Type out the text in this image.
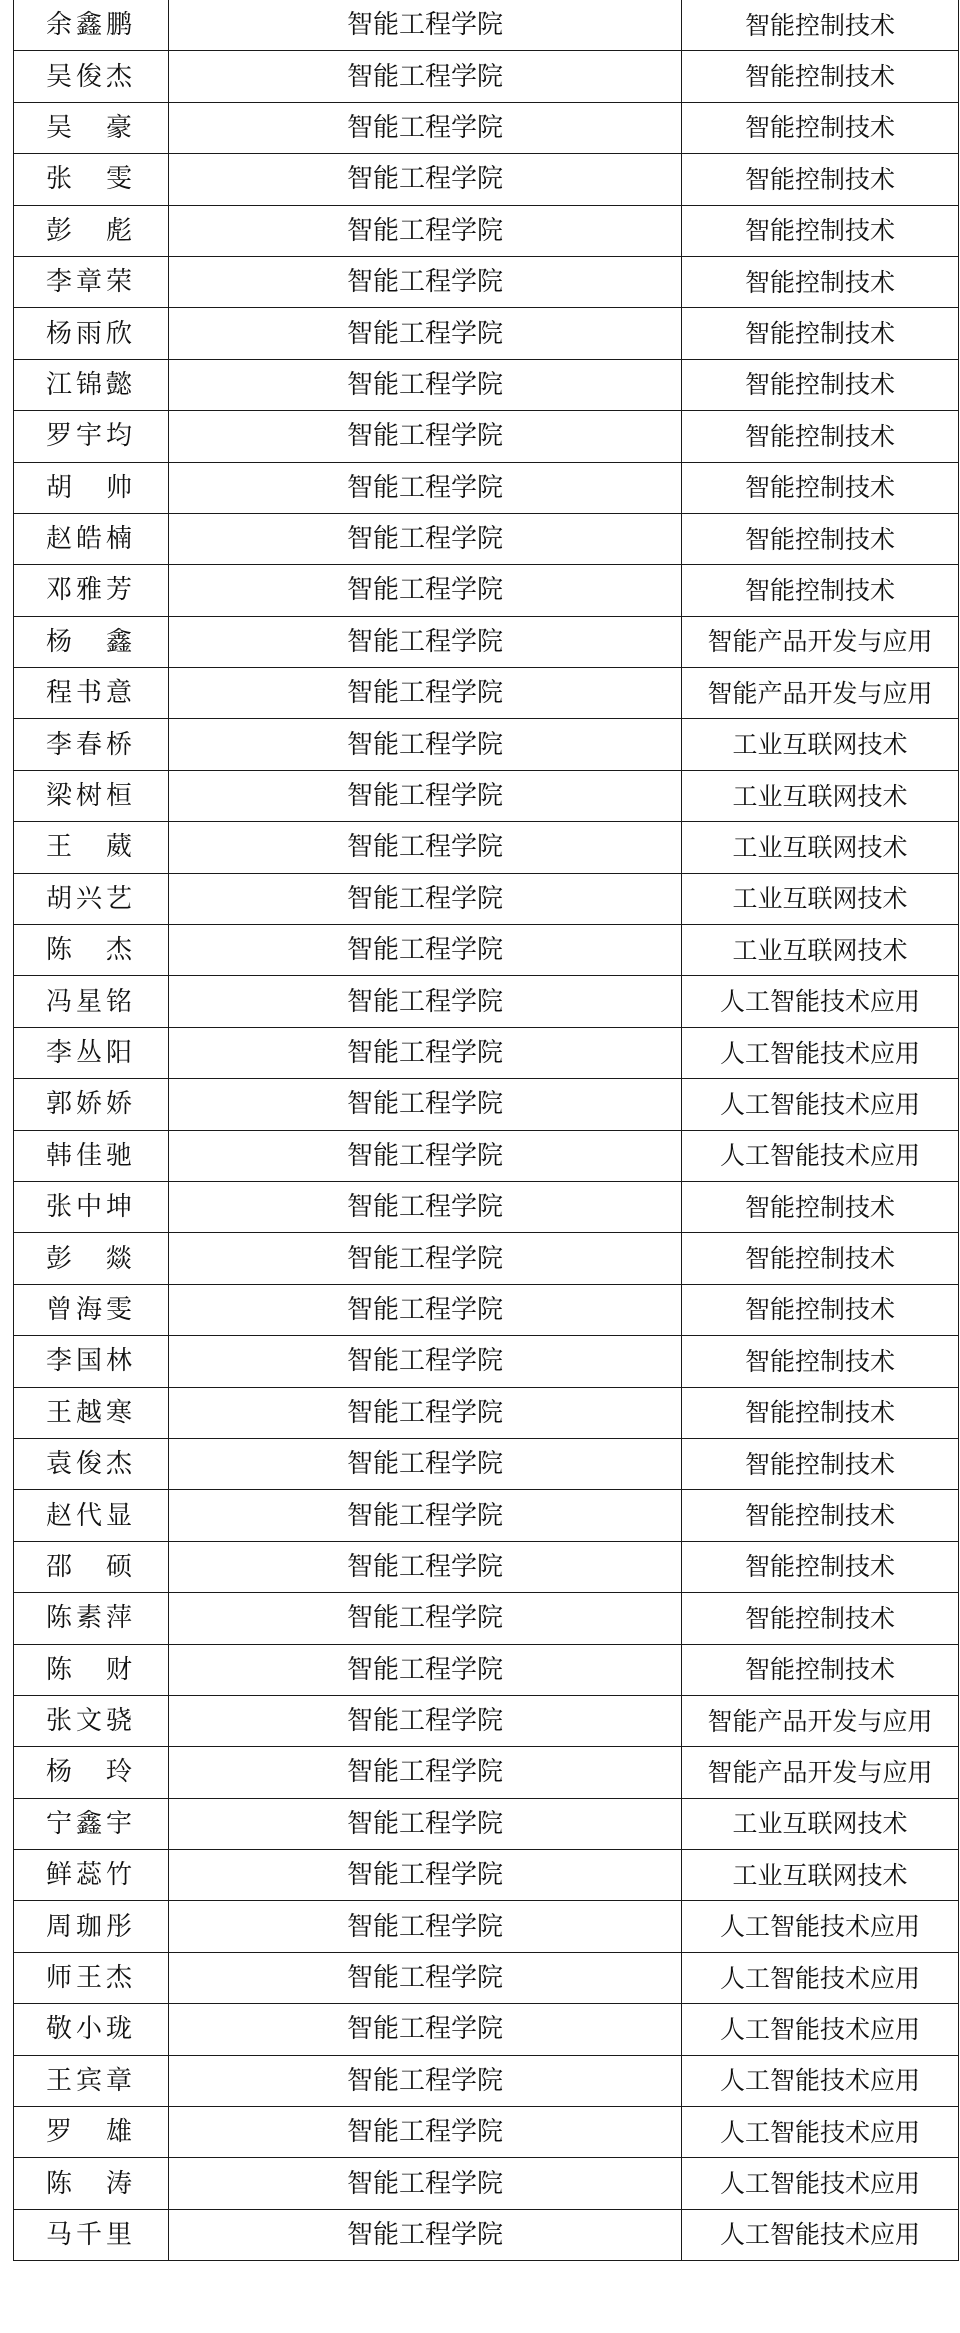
余鑫鹏	智能工程学院	智能控制技术
吴俊杰	智能工程学院	智能控制技术
吴　豪	智能工程学院	智能控制技术
张　雯	智能工程学院	智能控制技术
彭　彪	智能工程学院	智能控制技术
李章荣	智能工程学院	智能控制技术
杨雨欣	智能工程学院	智能控制技术
江锦懿	智能工程学院	智能控制技术
罗宇均	智能工程学院	智能控制技术
胡　帅	智能工程学院	智能控制技术
赵皓楠	智能工程学院	智能控制技术
邓雅芳	智能工程学院	智能控制技术
杨　鑫	智能工程学院	智能产品开发与应用
程书意	智能工程学院	智能产品开发与应用
李春桥	智能工程学院	工业互联网技术
梁树桓	智能工程学院	工业互联网技术
王　葳	智能工程学院	工业互联网技术
胡兴艺	智能工程学院	工业互联网技术
陈　杰	智能工程学院	工业互联网技术
冯星铭	智能工程学院	人工智能技术应用
李丛阳	智能工程学院	人工智能技术应用
郭娇娇	智能工程学院	人工智能技术应用
韩佳驰	智能工程学院	人工智能技术应用
张中坤	智能工程学院	智能控制技术
彭　燚	智能工程学院	智能控制技术
曾海雯	智能工程学院	智能控制技术
李国林	智能工程学院	智能控制技术
王越寒	智能工程学院	智能控制技术
袁俊杰	智能工程学院	智能控制技术
赵代显	智能工程学院	智能控制技术
邵　硕	智能工程学院	智能控制技术
陈素萍	智能工程学院	智能控制技术
陈　财	智能工程学院	智能控制技术
张文骁	智能工程学院	智能产品开发与应用
杨　玲	智能工程学院	智能产品开发与应用
宁鑫宇	智能工程学院	工业互联网技术
鲜蕊竹	智能工程学院	工业互联网技术
周珈彤	智能工程学院	人工智能技术应用
师王杰	智能工程学院	人工智能技术应用
敬小珑	智能工程学院	人工智能技术应用
王宾章	智能工程学院	人工智能技术应用
罗　雄	智能工程学院	人工智能技术应用
陈　涛	智能工程学院	人工智能技术应用
马千里	智能工程学院	人工智能技术应用
